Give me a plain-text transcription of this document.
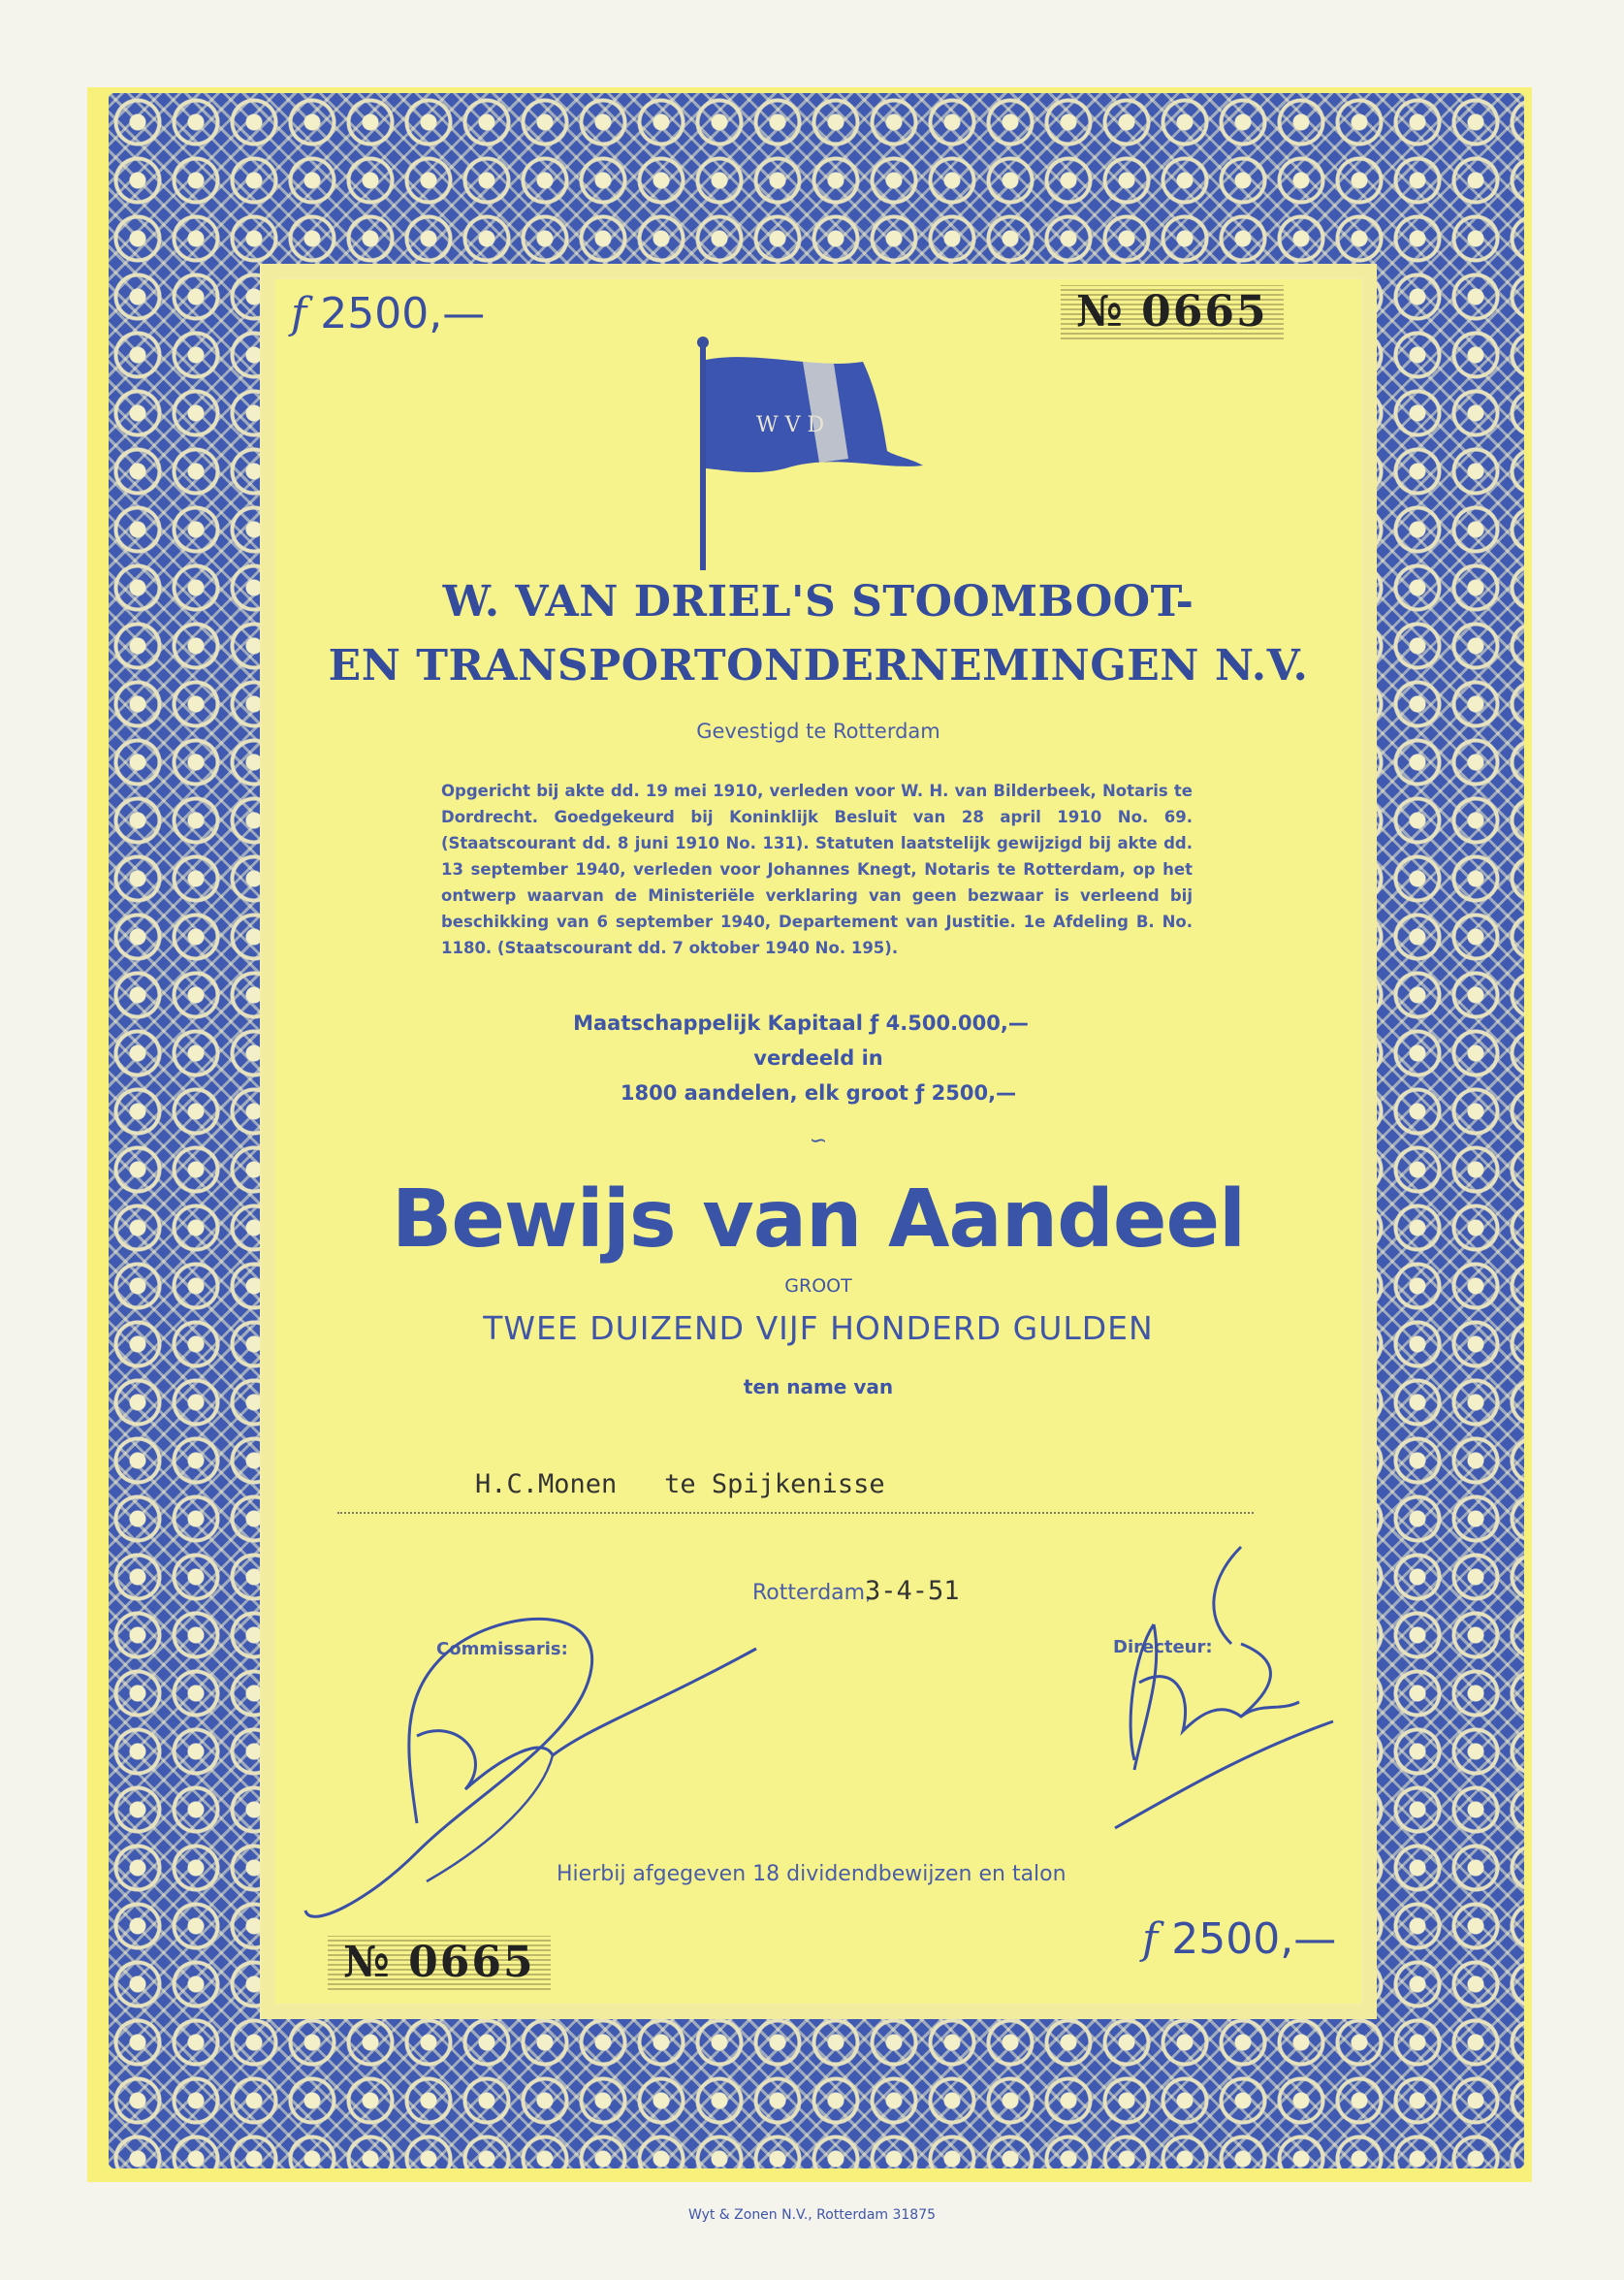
f 2500,—	№ 0665
W V D
W. VAN DRIEL'S STOOMBOOT-
EN TRANSPORTONDERNEMINGEN N.V.
Gevestigd te Rotterdam
Opgericht bij akte dd. 19 mei 1910, verleden voor W. H. van Bilderbeek, Notaris te Dordrecht. Goedgekeurd bij Koninklijk Besluit van 28 april 1910 No. 69. (Staatscourant dd. 8 juni 1910 No. 131). Statuten laatstelijk gewijzigd bij akte dd. 13 september 1940, verleden voor Johannes Knegt, Notaris te Rotterdam, op het ontwerp waarvan de Ministeriële verklaring van geen bezwaar is verleend bij beschikking van 6 september 1940, Departement van Justitie. 1e Afdeling B. No. 1180. (Staatscourant dd. 7 oktober 1940 No. 195).
Maatschappelijk Kapitaal ƒ 4.500.000,—
verdeeld in
1800 aandelen, elk groot ƒ 2500,—
∽
Bewijs van Aandeel
GROOT
TWEE DUIZEND VIJF HONDERD GULDEN
ten name van
H.C.Monen   te Spijkenisse
Rotterdam,
3-4-51
Commissaris:	Directeur:
Hierbij afgegeven 18 dividendbewijzen en talon
№ 0665	f 2500,—
Wyt & Zonen N.V., Rotterdam 31875
